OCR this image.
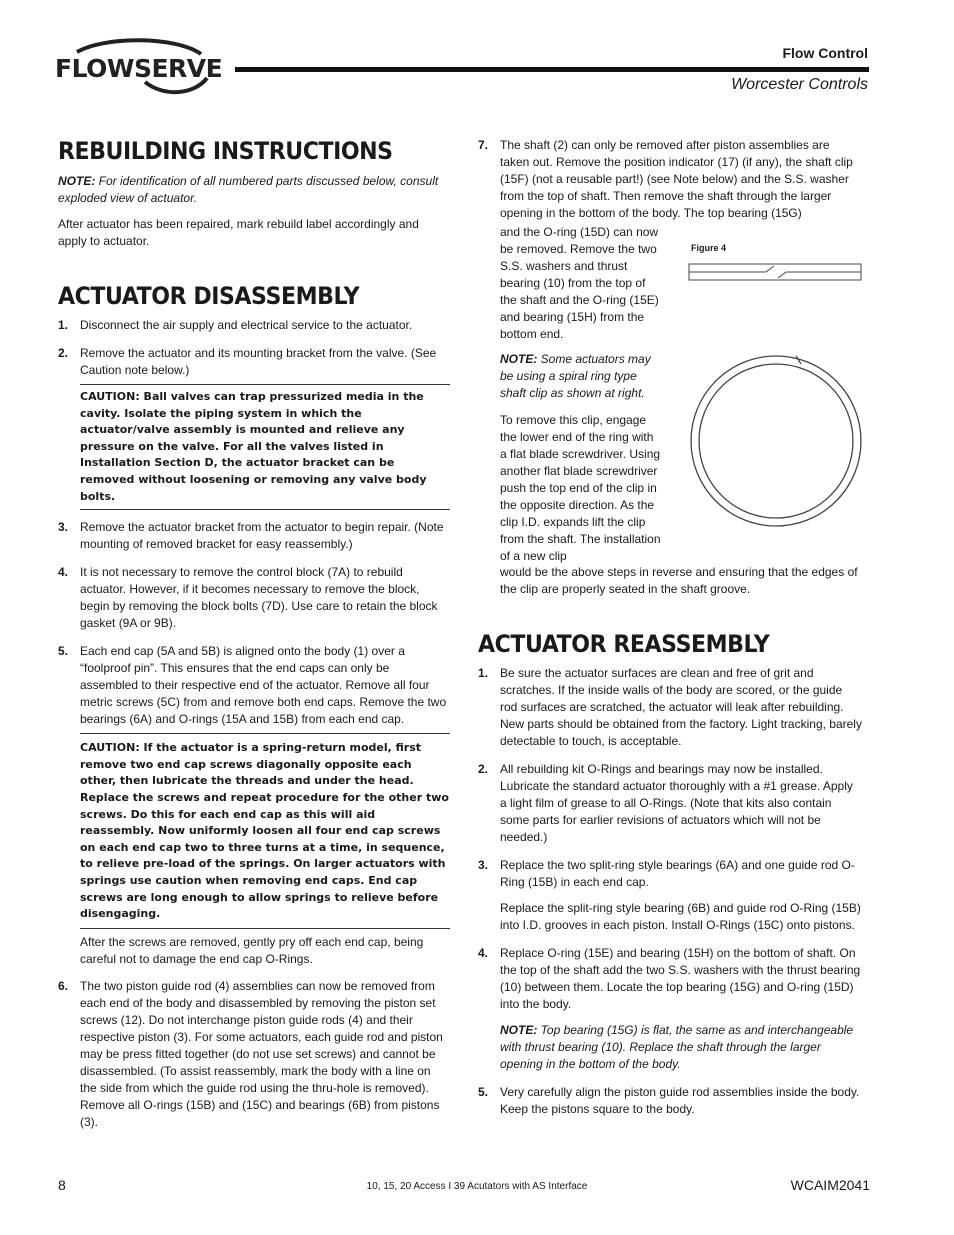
FLOWSERVE
Flow Control
Worcester Controls
REBUILDING INSTRUCTIONS

NOTE: For identification of all numbered parts discussed below, consult exploded view of actuator.

After actuator has been repaired, mark rebuild label accordingly and apply to actuator.

ACTUATOR DISASSEMBLY
1. Disconnect the air supply and electrical service to the actuator.

2. Remove the actuator and its mounting bracket from the valve. (See Caution note below.)

CAUTION: Ball valves can trap pressurized media in the cavity. Isolate the piping system in which the actuator/valve assembly is mounted and relieve any pressure on the valve. For all the valves listed in Installation Section D, the actuator bracket can be removed without loosening or removing any valve body bolts.

3. Remove the actuator bracket from the actuator to begin repair. (Note mounting of removed bracket for easy reassembly.)

4. It is not necessary to remove the control block (7A) to rebuild actuator. However, if it becomes necessary to remove the block, begin by removing the block bolts (7D). Use care to retain the block gasket (9A or 9B).

5. Each end cap (5A and 5B) is aligned onto the body (1) over a “foolproof pin”. This ensures that the end caps can only be assembled to their respective end of the actuator. Remove all four metric screws (5C) from and remove both end caps. Remove the two bearings (6A) and O-rings (15A and 15B) from each end cap.

CAUTION: If the actuator is a spring-return model, first remove two end cap screws diagonally opposite each other, then lubricate the threads and under the head. Replace the screws and repeat procedure for the other two screws. Do this for each end cap as this will aid reassembly. Now uniformly loosen all four end cap screws on each end cap two to three turns at a time, in sequence, to relieve pre-load of the springs. On larger actuators with springs use caution when removing end caps. End cap screws are long enough to allow springs to relieve before disengaging.

After the screws are removed, gently pry off each end cap, being careful not to damage the end cap O-Rings.

6. The two piston guide rod (4) assemblies can now be removed from each end of the body and disassembled by removing the piston set screws (12). Do not interchange piston guide rods (4) and their respective piston (3). For some actuators, each guide rod and piston may be press fitted together (do not use set screws) and cannot be disassembled. (To assist reassembly, mark the body with a line on the side from which the guide rod using the thru-hole is removed). Remove all O-rings (15B) and (15C) and bearings (6B) from pistons (3).

7. The shaft (2) can only be removed after piston assemblies are taken out. Remove the position indicator (17) (if any), the shaft clip (15F) (not a reusable part!) (see Note below) and the S.S. washer from the top of shaft. Then remove the shaft through the larger opening in the bottom of the body. The top bearing (15G)

and the O-ring (15D) can now be removed. Remove the two S.S. washers and thrust bearing (10) from the top of the shaft and the O-ring (15E) and bearing (15H) from the bottom end.

NOTE: Some actuators may be using a spiral ring type shaft clip as shown at right.

To remove this clip, engage the lower end of the ring with a flat blade screwdriver. Using another flat blade screwdriver push the top end of the clip in the opposite direction. As the clip I.D. expands lift the clip from the shaft. The installation of a new clip

would be the above steps in reverse and ensuring that the edges of the clip are properly seated in the shaft groove.

Figure 4
ACTUATOR REASSEMBLY
1. Be sure the actuator surfaces are clean and free of grit and scratches. If the inside walls of the body are scored, or the guide rod surfaces are scratched, the actuator will leak after rebuilding. New parts should be obtained from the factory. Light tracking, barely detectable to touch, is acceptable.

2. All rebuilding kit O-Rings and bearings may now be installed. Lubricate the standard actuator thoroughly with a #1 grease. Apply a light film of grease to all O-Rings. (Note that kits also contain some parts for earlier revisions of actuators which will not be needed.)

3. Replace the two split-ring style bearings (6A) and one guide rod O-Ring (15B) in each end cap.

Replace the split-ring style bearing (6B) and guide rod O-Ring (15B) into I.D. grooves in each piston. Install O-Rings (15C) onto pistons.

4. Replace O-ring (15E) and bearing (15H) on the bottom of shaft. On the top of the shaft add the two S.S. washers with the thrust bearing (10) between them. Locate the top bearing (15G) and O-ring (15D) into the body.

NOTE: Top bearing (15G) is flat, the same as and interchangeable with thrust bearing (10). Replace the shaft through the larger opening in the bottom of the body.

5. Very carefully align the piston guide rod assemblies inside the body. Keep the pistons square to the body.

8	10, 15, 20 Access I 39 Acutators with AS Interface	WCAIM2041
